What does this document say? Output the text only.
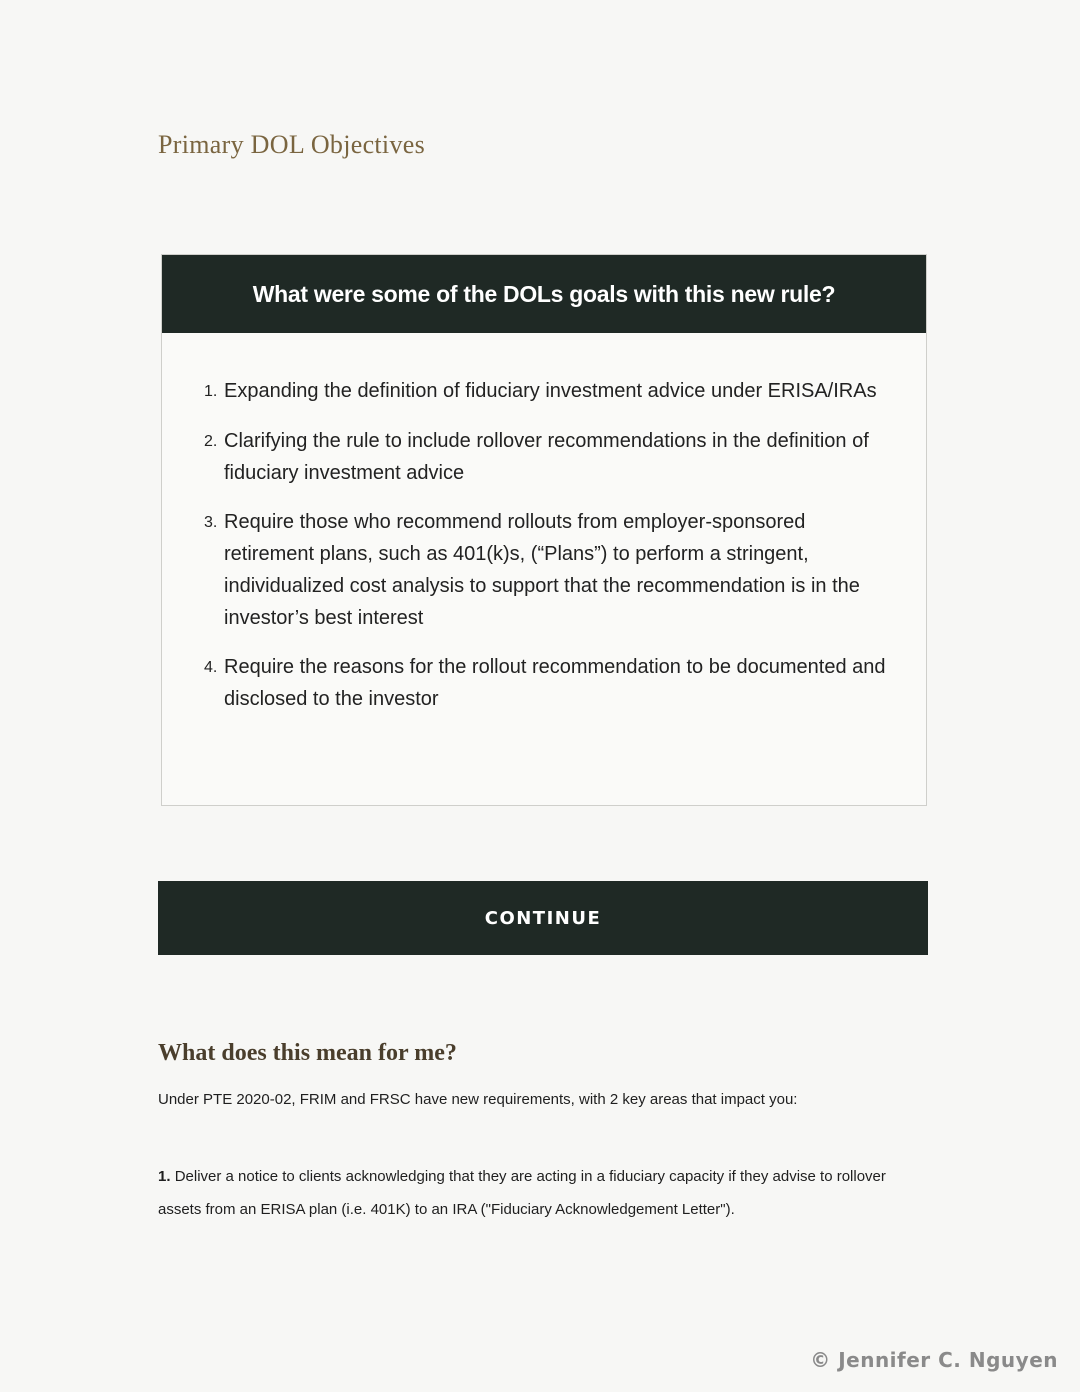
Primary DOL Objectives
What were some of the DOLs goals with this new rule?
1. Expanding the definition of fiduciary investment advice under ERISA/IRAs
2. Clarifying the rule to include rollover recommendations in the definition of fiduciary investment advice
3. Require those who recommend rollouts from employer-sponsored retirement plans, such as 401(k)s, (“Plans”) to perform a stringent, individualized cost analysis to support that the recommendation is in the investor’s best interest
4. Require the reasons for the rollout recommendation to be documented and disclosed to the investor
CONTINUE
What does this mean for me?

Under PTE 2020-02, FRIM and FRSC have new requirements, with 2 key areas that impact you:

1. Deliver a notice to clients acknowledging that they are acting in a fiduciary capacity if they advise to rollover assets from an ERISA plan (i.e. 401K) to an IRA ("Fiduciary Acknowledgement Letter").

© Jennifer C. Nguyen
